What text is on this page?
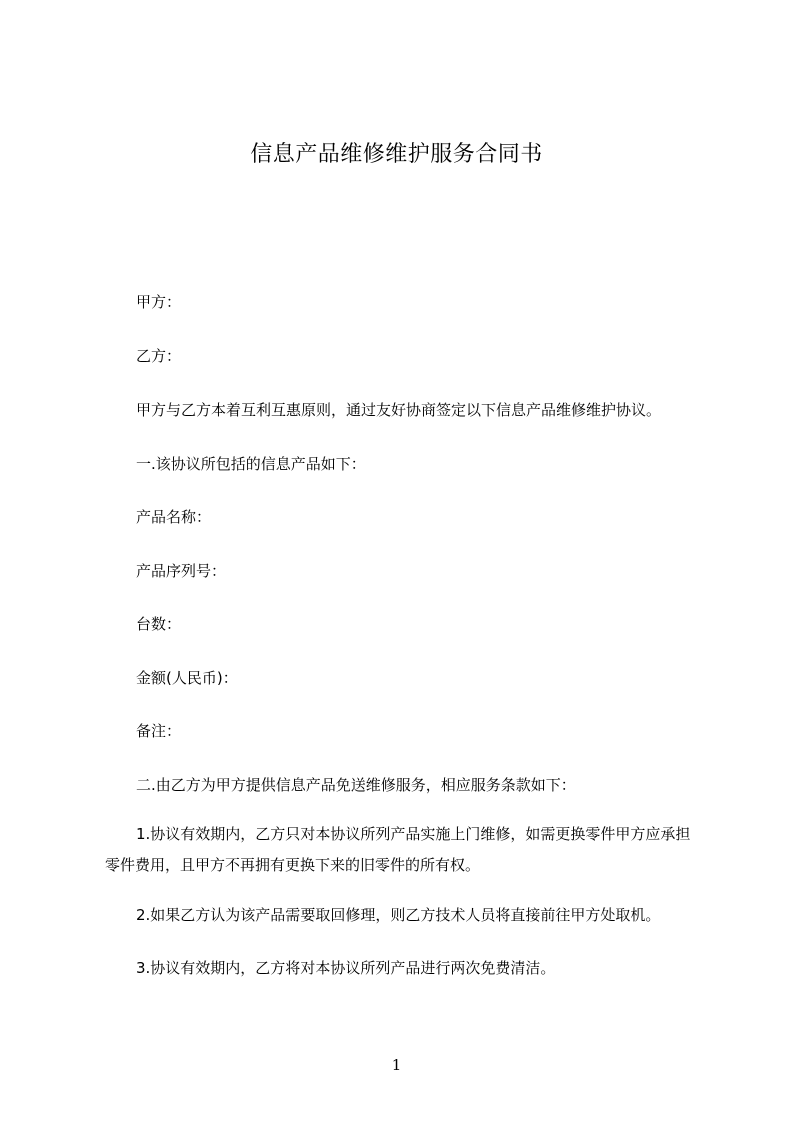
信息产品维修维护服务合同书

甲方：

乙方：

甲方与乙方本着互利互惠原则，通过友好协商签定以下信息产品维修维护协议。

一.该协议所包括的信息产品如下：

产品名称：

产品序列号：

台数：

金额(人民币)：

备注：

二.由乙方为甲方提供信息产品免送维修服务，相应服务条款如下：

1.协议有效期内，乙方只对本协议所列产品实施上门维修，如需更换零件甲方应承担零件费用，且甲方不再拥有更换下来的旧零件的所有权。

2.如果乙方认为该产品需要取回修理，则乙方技术人员将直接前往甲方处取机。

3.协议有效期内，乙方将对本协议所列产品进行两次免费清洁。

1
